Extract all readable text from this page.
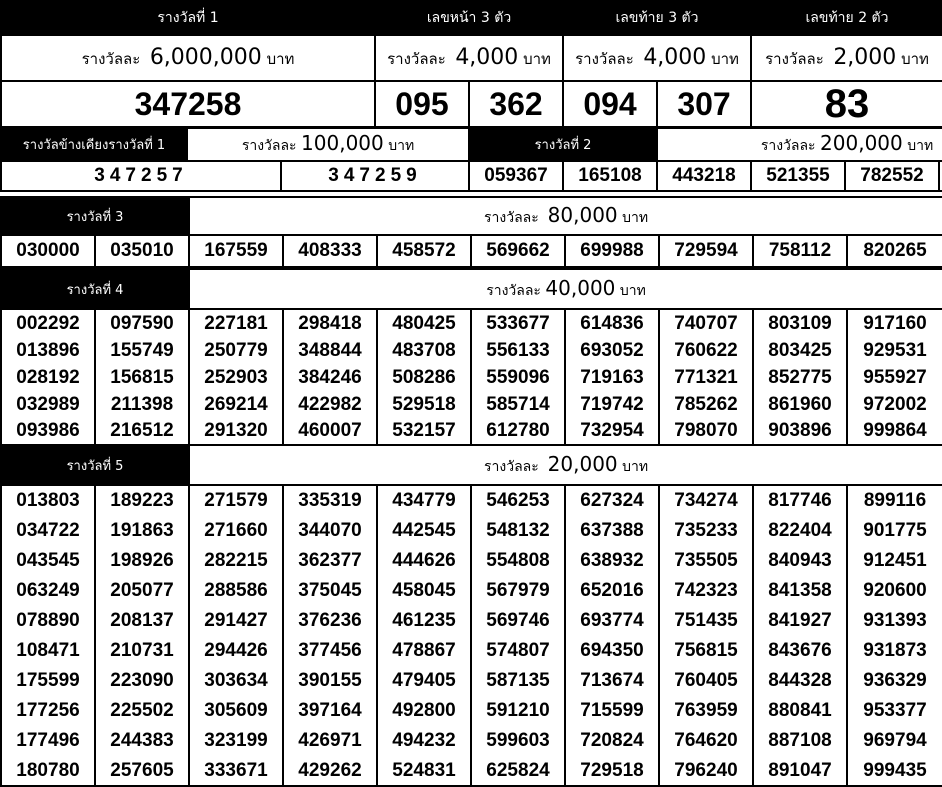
รางวัลที่ 1	เลขหน้า 3 ตัว		เลขท้าย 3 ตัว		เลขท้าย 2 ตัว
รางวัลละ 6,000,000 บาท	รางวัลละ 4,000 บาท		รางวัลละ 4,000 บาท		รางวัลละ 2,000 บาท
347258	095	362	094	307	83
รางวัลข้างเคียงรางวัลที่ 1	รางวัลละ 100,000 บาท		รางวัลที่ 2		รางวัลละ 200,000 บาท			
347257		347259	059367	165108	443218	521355	782552	
รางวัลที่ 3		รางวัลละ 80,000 บาท							
030000	035010	167559	408333	458572	569662	699988	729594	758112	820265
รางวัลที่ 4	รางวัลละ 40,000 บาท
002292	097590	227181	298418	480425	533677	614836	740707	803109	917160
013896	155749	250779	348844	483708	556133	693052	760622	803425	929531
028192	156815	252903	384246	508286	559096	719163	771321	852775	955927
032989	211398	269214	422982	529518	585714	719742	785262	861960	972002
093986	216512	291320	460007	532157	612780	732954	798070	903896	999864
รางวัลที่ 5	รางวัลละ 20,000 บาท
013803	189223	271579	335319	434779	546253	627324	734274	817746	899116
034722	191863	271660	344070	442545	548132	637388	735233	822404	901775
043545	198926	282215	362377	444626	554808	638932	735505	840943	912451
063249	205077	288586	375045	458045	567979	652016	742323	841358	920600
078890	208137	291427	376236	461235	569746	693774	751435	841927	931393
108471	210731	294426	377456	478867	574807	694350	756815	843676	931873
175599	223090	303634	390155	479405	587135	713674	760405	844328	936329
177256	225502	305609	397164	492800	591210	715599	763959	880841	953377
177496	244383	323199	426971	494232	599603	720824	764620	887108	969794
180780	257605	333671	429262	524831	625824	729518	796240	891047	999435
